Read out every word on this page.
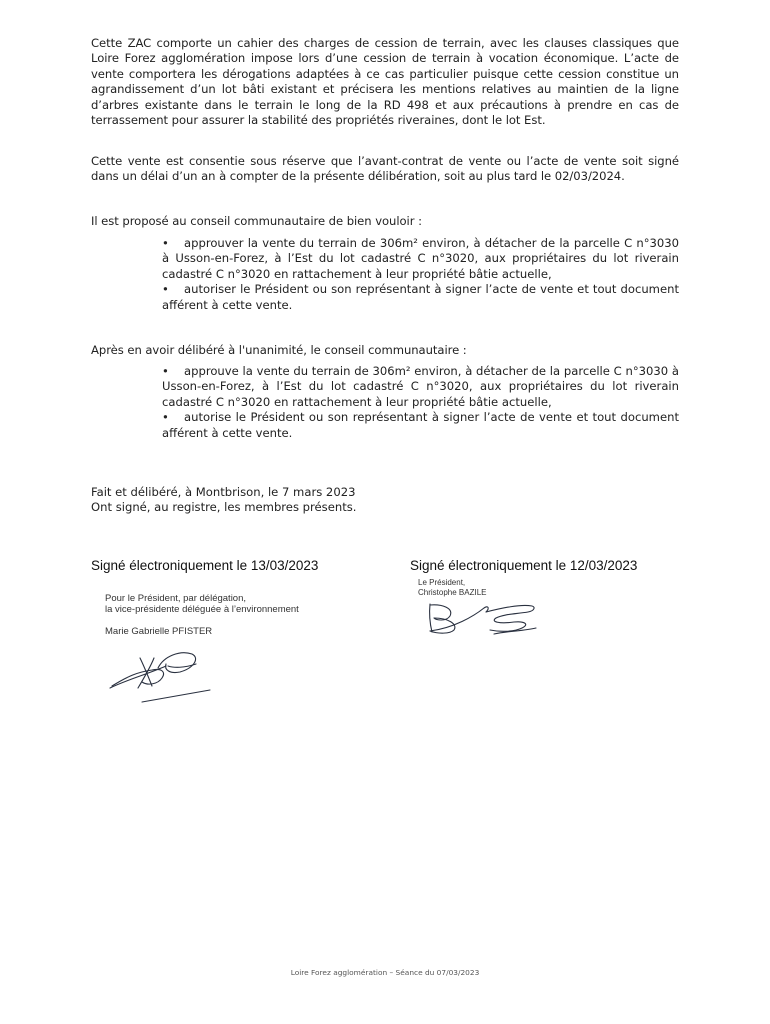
Cette ZAC comporte un cahier des charges de cession de terrain, avec les clauses classiques que Loire Forez agglomération impose lors d’une cession de terrain à vocation économique. L’acte de vente comportera les dérogations adaptées à ce cas particulier puisque cette cession constitue un agrandissement d’un lot bâti existant et précisera les mentions relatives au maintien de la ligne d’arbres existante dans le terrain le long de la RD 498 et aux précautions à prendre en cas de terrassement pour assurer la stabilité des propriétés riveraines, dont le lot Est.
Cette vente est consentie sous réserve que l’avant-contrat de vente ou l’acte de vente soit signé dans un délai d’un an à compter de la présente délibération, soit au plus tard le 02/03/2024.
Il est proposé au conseil communautaire de bien vouloir :
• approuver la vente du terrain de 306m² environ, à détacher de la parcelle C n°3030 à Usson-en-Forez, à l’Est du lot cadastré C n°3020, aux propriétaires du lot riverain cadastré C n°3020 en rattachement à leur propriété bâtie actuelle,
• autoriser le Président ou son représentant à signer l’acte de vente et tout document afférent à cette vente.
Après en avoir délibéré à l'unanimité, le conseil communautaire :
• approuve la vente du terrain de 306m² environ, à détacher de la parcelle C n°3030 à Usson-en-Forez, à l’Est du lot cadastré C n°3020, aux propriétaires du lot riverain cadastré C n°3020 en rattachement à leur propriété bâtie actuelle,
• autorise le Président ou son représentant à signer l’acte de vente et tout document afférent à cette vente.
Fait et délibéré, à Montbrison, le 7 mars 2023
Ont signé, au registre, les membres présents.
Signé électroniquement le 13/03/2023
Pour le Président, par délégation,
la vice-présidente déléguée à l’environnement
Marie Gabrielle PFISTER
Signé électroniquement le 12/03/2023
Le Président,
Christophe BAZILE
Loire Forez agglomération – Séance du 07/03/2023
